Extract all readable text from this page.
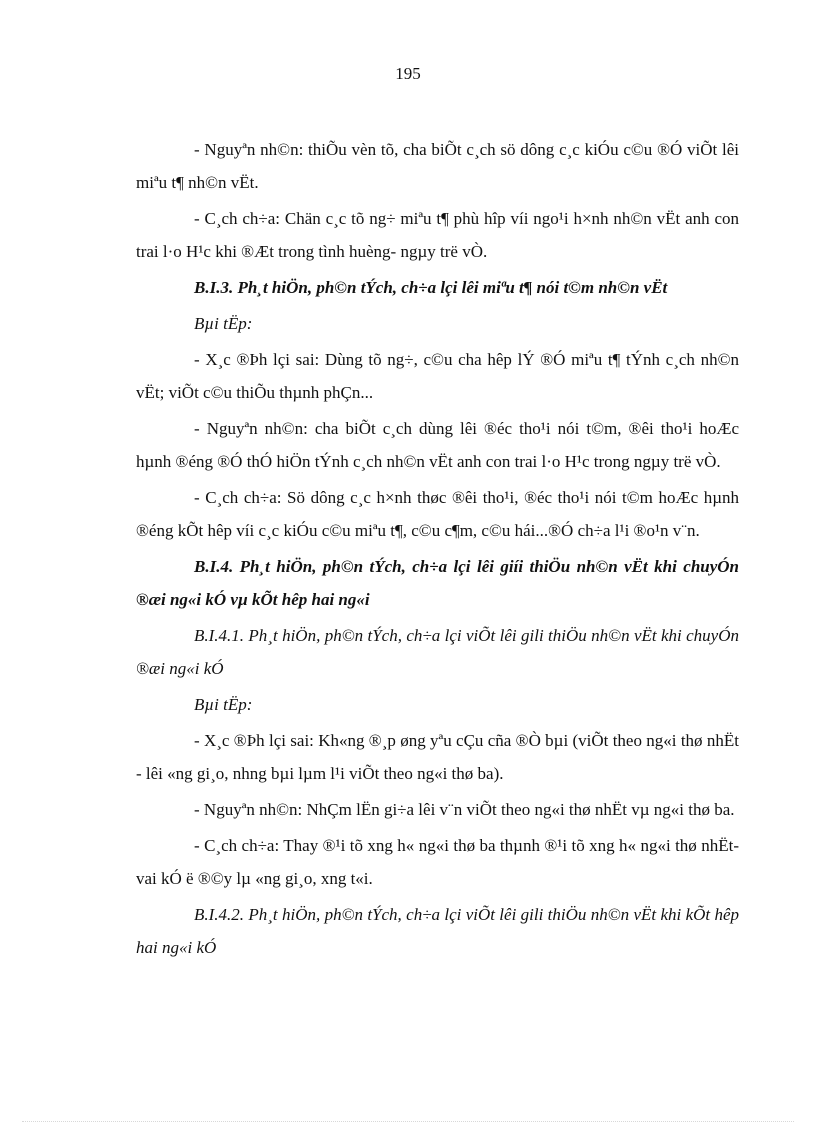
195

- Nguyªn nh©n: thiÕu vèn tõ, cha biÕt c¸ch sö dông c¸c kiÓu c©u ®Ó viÕt lêi miªu t¶ nh©n vËt.

- C¸ch ch÷a: Chän c¸c tõ ng÷ miªu t¶ phù hîp víi ngo¹i h×nh nh©n vËt anh con trai l·o H¹c khi ®Æt trong tình huèng- ngµy trë vÒ.

B.I.3. Ph¸t hiÖn, ph©n tÝch, ch÷a lçi lêi miªu t¶ nói t©m nh©n vËt

Bµi tËp:

- X¸c ®Þh lçi sai: Dùng tõ ng÷, c©u cha hêp lÝ ®Ó miªu t¶ tÝnh c¸ch nh©n vËt; viÕt c©u thiÕu thµnh phÇn...

- Nguyªn nh©n: cha biÕt c¸ch dùng lêi ®éc tho¹i nói t©m, ®êi tho¹i hoÆc hµnh ®éng ®Ó thÓ hiÖn tÝnh c¸ch nh©n vËt anh con trai l·o H¹c trong ngµy trë vÒ.

- C¸ch ch÷a: Sö dông c¸c h×nh thøc ®êi tho¹i, ®éc tho¹i nói t©m hoÆc hµnh ®éng kÕt hêp víi c¸c kiÓu c©u miªu t¶, c©u c¶m, c©u hái...®Ó ch÷a l¹i ®o¹n v¨n.

B.I.4. Ph¸t hiÖn, ph©n tÝch, ch÷a lçi lêi giíi thiÖu nh©n vËt khi chuyÓn ®æi ng«i kÓ vµ kÕt hêp hai ng«i

B.I.4.1. Ph¸t hiÖn, ph©n tÝch, ch÷a lçi viÕt lêi gili thiÖu nh©n vËt khi chuyÓn ®æi ng«i kÓ

Bµi tËp:

- X¸c ®Þh lçi sai: Kh«ng ®¸p øng yªu cÇu cña ®Ò bµi (viÕt theo ng«i thø nhËt - lêi «ng gi¸o, nhng bµi lµm l¹i viÕt theo ng«i thø ba).

- Nguyªn nh©n: NhÇm lËn gi÷a lêi v¨n viÕt theo ng«i thø nhËt vµ ng«i thø ba.

- C¸ch ch÷a: Thay ®¹i tõ xng h« ng«i thø ba thµnh ®¹i tõ xng h« ng«i thø nhËt- vai kÓ ë ®©y lµ «ng gi¸o, xng t«i.

B.I.4.2. Ph¸t hiÖn, ph©n tÝch, ch÷a lçi viÕt lêi gili thiÖu nh©n vËt khi kÕt hêp hai ng«i kÓ
